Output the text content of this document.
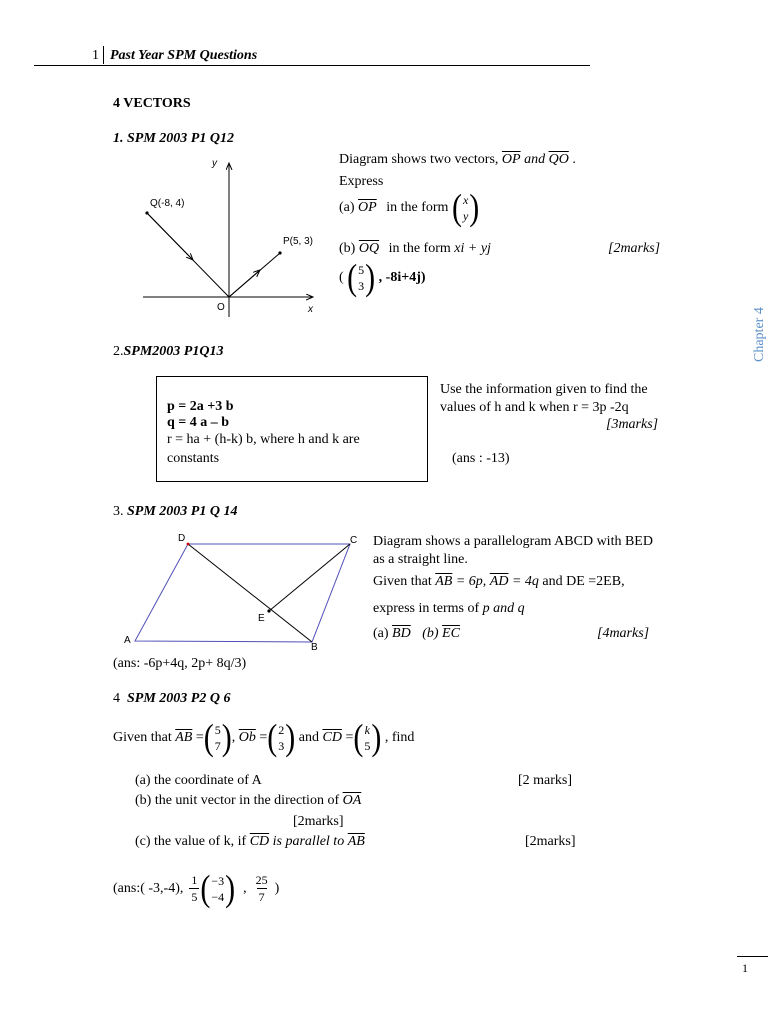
1 Past Year SPM Questions
Chapter 4
4 VECTORS
1. SPM 2003 P1 Q12
y
x
O
Q(-8, 4)
P(5, 3)
Diagram shows two vectors, $\overline{OP}$ and $\overline{QO}$ .
Express
(a) $\overline{OP}$ in the form ( x
y )
(b) $\overline{OQ}$ in the form xi + yj	[2marks]
( ( 5
3 ) , -8i+4j)
2.SPM2003 P1Q13
p = 2a +3 b
q = 4 a – b
r = ha + (h-k) b, where h and k are
constants
Use the information given to find the
values of h and k when r = 3p -2q
[3marks]
(ans : -13)
3. SPM 2003 P1 Q 14
D	C
A
B
E
Diagram shows a parallelogram ABCD with BED
as a straight line.
Given that $\overline{AB} = 6p$, $\overline{AD} = 4q$ and DE =2EB,
express in terms of p and q
(a) $\overline{BD}$ (b) $\overline{EC}$	[4marks]
(ans: -6p+4q, 2p+ 8q/3)
4 SPM 2003 P2 Q 6
Given that $\overline{AB}$ = ( 5
7 ) , $\overline{Ob}$ = ( 2
3 ) and $\overline{CD}$ = ( k
5 ) , find
(a) the coordinate of A	[2 marks]
(b) the unit vector in the direction of $\overline{OA}$
[2marks]
(c) the value of k, if $\overline{CD}$ is parallel to $\overline{AB}$	[2marks]
(ans:( -3,-4), $\frac{1}{5}$ ( −3
−4 ) , $\frac{25}{7}$ )
1
